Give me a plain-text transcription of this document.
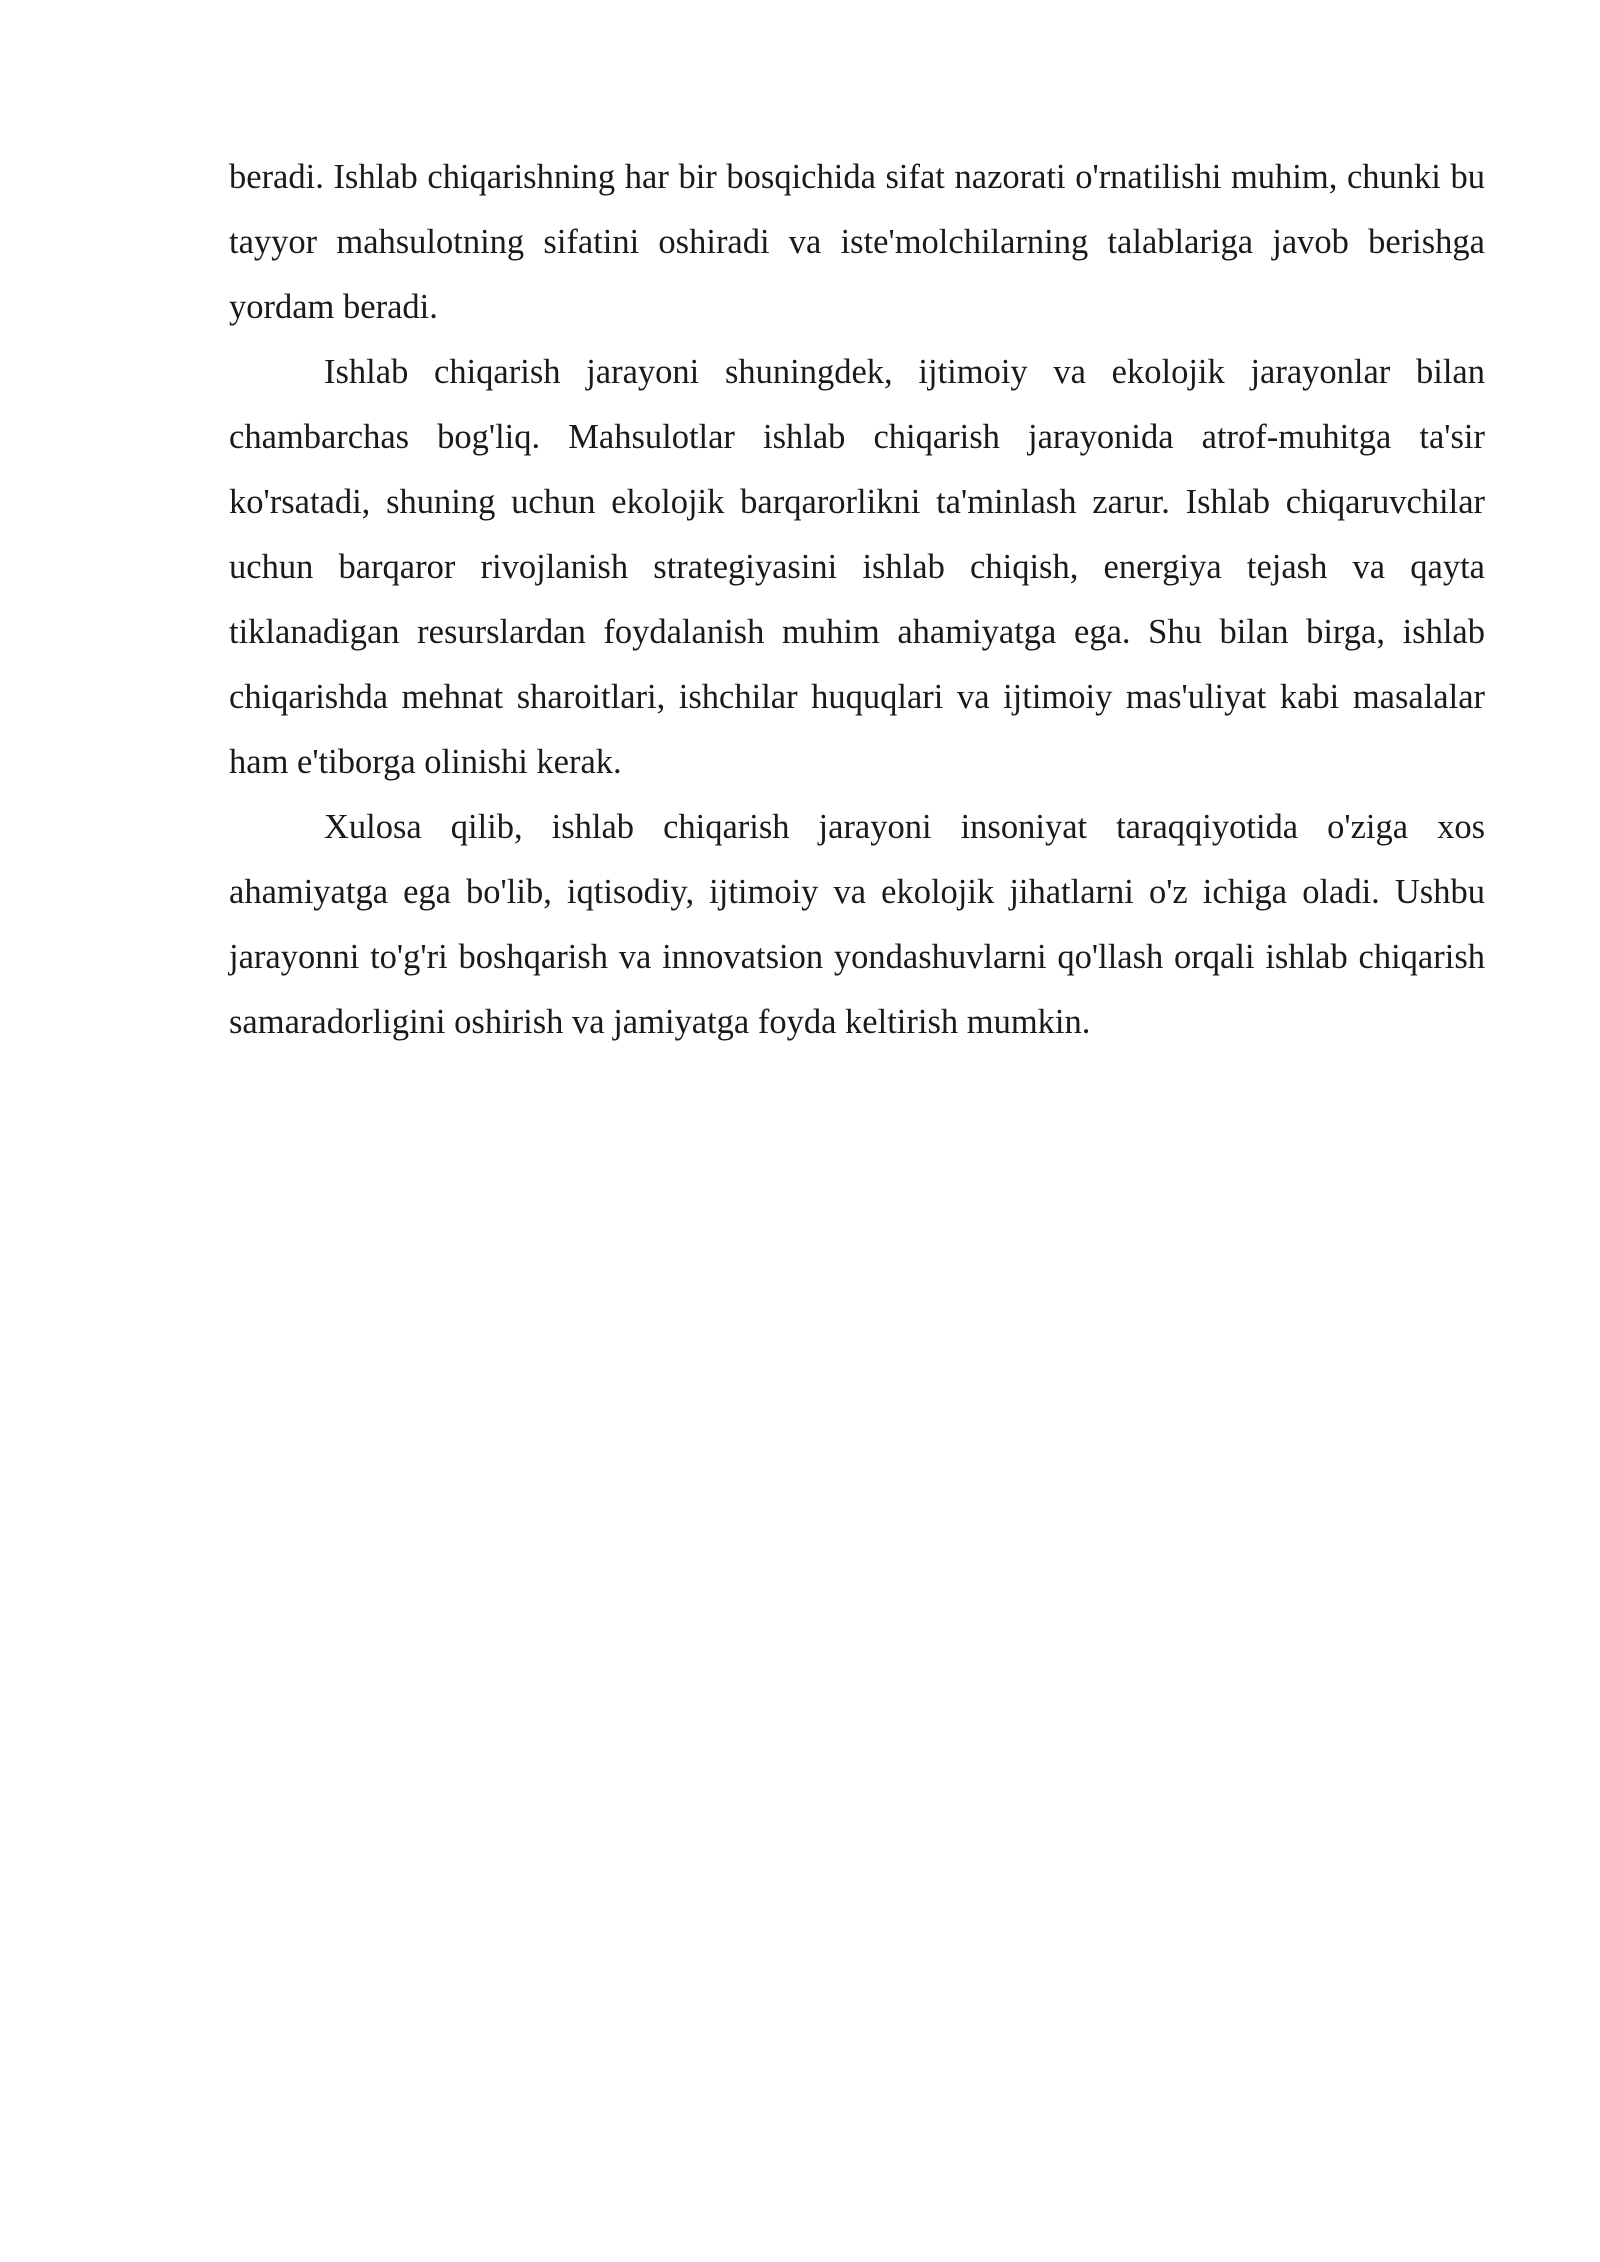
beradi. Ishlab chiqarishning har bir bosqichida sifat nazorati o'rnatilishi muhim, chunki bu tayyor mahsulotning sifatini oshiradi va iste'molchilarning talablariga javob berishga yordam beradi.

Ishlab chiqarish jarayoni shuningdek, ijtimoiy va ekolojik jarayonlar bilan chambarchas bog'liq. Mahsulotlar ishlab chiqarish jarayonida atrof-muhitga ta'sir ko'rsatadi, shuning uchun ekolojik barqarorlikni ta'minlash zarur. Ishlab chiqaruvchilar uchun barqaror rivojlanish strategiyasini ishlab chiqish, energiya tejash va qayta tiklanadigan resurslardan foydalanish muhim ahamiyatga ega. Shu bilan birga, ishlab chiqarishda mehnat sharoitlari, ishchilar huquqlari va ijtimoiy mas'uliyat kabi masalalar ham e'tiborga olinishi kerak.

Xulosa qilib, ishlab chiqarish jarayoni insoniyat taraqqiyotida o'ziga xos ahamiyatga ega bo'lib, iqtisodiy, ijtimoiy va ekolojik jihatlarni o'z ichiga oladi. Ushbu jarayonni to'g'ri boshqarish va innovatsion yondashuvlarni qo'llash orqali ishlab chiqarish samaradorligini oshirish va jamiyatga foyda keltirish mumkin.
